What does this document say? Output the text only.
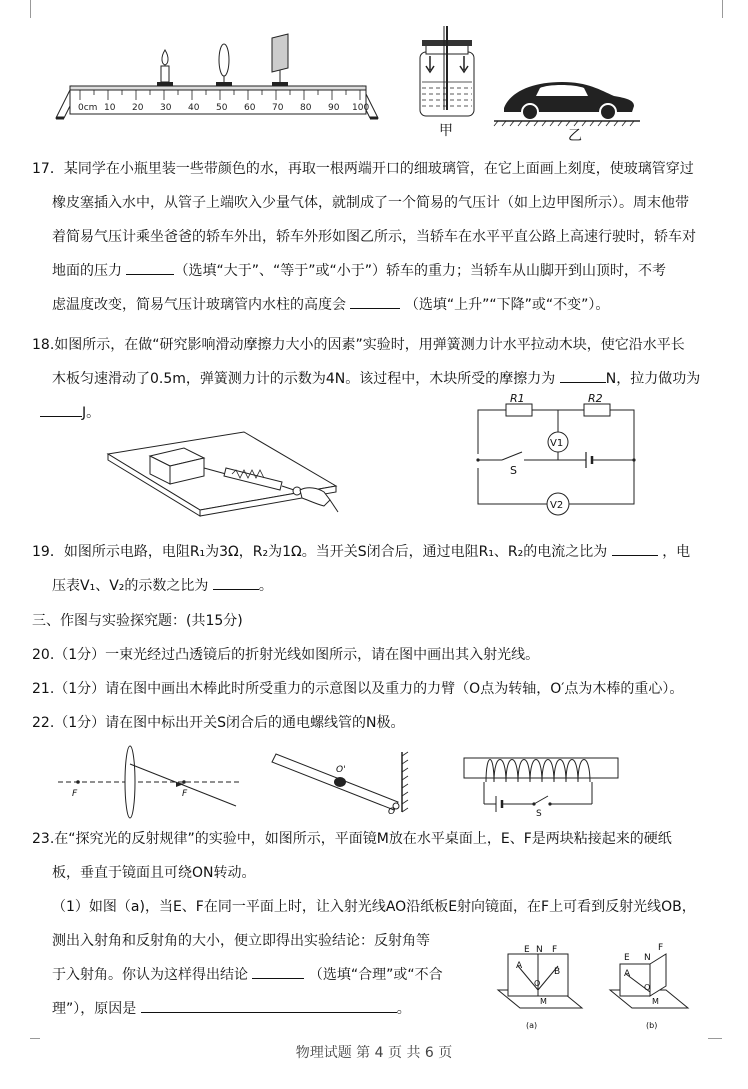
0cm 10 20 30 40 50 60 70 80 90 100
甲	乙
17．某同学在小瓶里装一些带颜色的水，再取一根两端开口的细玻璃管，在它上面画上刻度，使玻璃管穿过
橡皮塞插入水中，从管子上端吹入少量气体，就制成了一个简易的气压计（如上边甲图所示）。周末他带
着简易气压计乘坐爸爸的轿车外出，轿车外形如图乙所示，当轿车在水平平直公路上高速行驶时，轿车对
地面的压力	（选填“大于”、“等于”或“小于”）轿车的重力；当轿车从山脚开到山顶时，不考
虑温度改变，简易气压计玻璃管内水柱的高度会	（选填“上升”“下降”或“不变”）。
18.如图所示，在做“研究影响滑动摩擦力大小的因素”实验时，用弹簧测力计水平拉动木块，使它沿水平长
木板匀速滑动了0.5m，弹簧测力计的示数为4N。该过程中，木块所受的摩擦力为	N，拉力做功为
J。
R1	R2
V1
S
V2
19．如图所示电路，电阻R₁为3Ω，R₂为1Ω。当开关S闭合后，通过电阻R₁、R₂的电流之比为	，电
压表V₁、V₂的示数之比为	。
三、作图与实验探究题：(共15分)
20.（1分）一束光经过凸透镜后的折射光线如图所示，请在图中画出其入射光线。
21.（1分）请在图中画出木棒此时所受重力的示意图以及重力的力臂（O点为转轴，O′点为木棒的重心）。
22.（1分）请在图中标出开关S闭合后的通电螺线管的N极。
F	F
O'
O	S
23.在“探究光的反射规律”的实验中，如图所示，平面镜M放在水平桌面上，E、F是两块粘接起来的硬纸
板，垂直于镜面且可绕ON转动。
（1）如图（a)，当E、F在同一平面上时，让入射光线AO沿纸板E射向镜面，在F上可看到反射光线OB，
测出入射角和反射角的大小，便立即得出实验结论：反射角等
于入射角。你认为这样得出结论	（选填“合理”或“不合
理”），原因是	。
E N F
A
O
B
M
(a)
E N
F
A
O
M
(b)
物理试题 第 4 页 共 6 页
